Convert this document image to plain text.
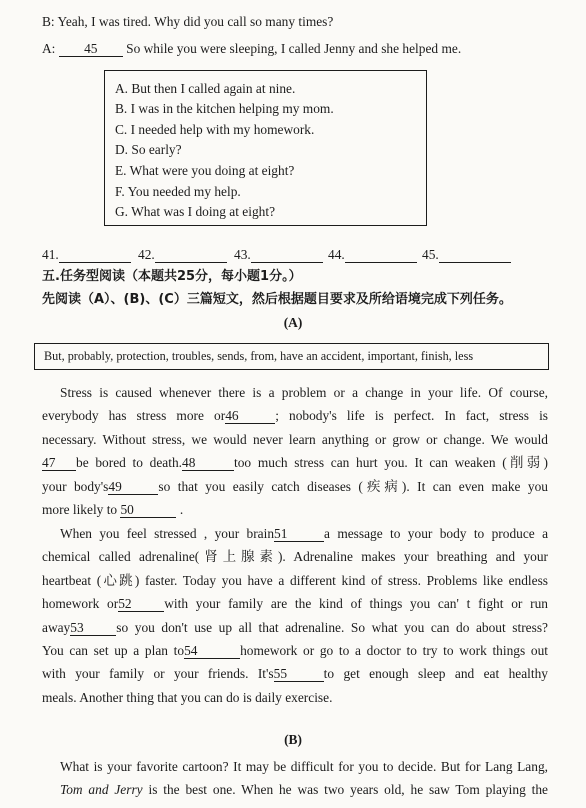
B: Yeah, I was tired. Why did you call so many times?
A: 45 So while you were sleeping, I called Jenny and she helped me.
A. But then I called again at nine.
B. I was in the kitchen helping my mom.
C. I needed help with my homework.
D. So early?
E. What were you doing at eight?
F. You needed my help.
G. What was I doing at eight?
41.	42.	43.	44.	45.
五.任务型阅读（本题共25分，每小题1分。）
先阅读（A）、(B)、(C）三篇短文，然后根据题目要求及所给语境完成下列任务。
(A)
But, probably, protection, troubles, sends, from, have an accident, important, finish, less
Stress is caused whenever there is a problem or a change in your life. Of course,
everybody has stress more or46	; nobody's life is perfect. In fact, stress is
necessary. Without stress, we would never learn anything or grow or change. We would
47 be bored to death.48	too much stress can hurt you. It can weaken (削弱)
your body's49	so that you easily catch diseases (疾病). It can even make you
more likely to 50	.
When you feel stressed , your brain51	a message to your body to produce a
chemical called adrenaline(肾上腺素). Adrenaline makes your breathing and your
heartbeat (心跳) faster. Today you have a different kind of stress. Problems like endless
homework or52 with your family are the kind of things you can' t fight or run
away53 so you don't use up all that adrenaline. So what you can do about stress?
You can set up a plan to54	homework or go to a doctor to try to work things out
with your family or your friends. It's55	to get enough sleep and eat healthy
meals. Another thing that you can do is daily exercise.
(B)
What is your favorite cartoon? It may be difficult for you to decide. But for Lang Lang,
Tom and Jerry is the best one. When he was two years old, he saw Tom playing the
